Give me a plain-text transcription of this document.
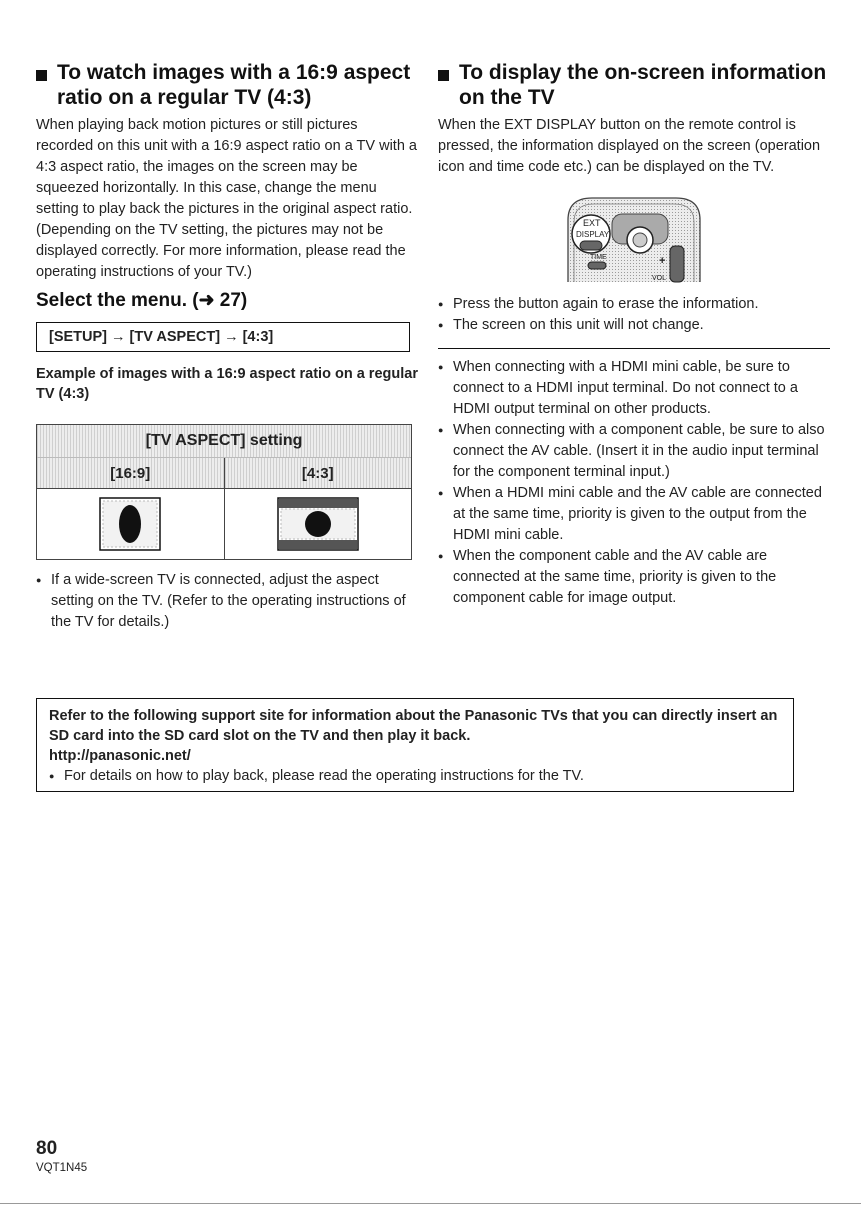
To watch images with a 16:9 aspect ratio on a regular TV (4:3)

When playing back motion pictures or still pictures recorded on this unit with a 16:9 aspect ratio on a TV with a 4:3 aspect ratio, the images on the screen may be squeezed horizontally. In this case, change the menu setting to play back the pictures in the original aspect ratio. (Depending on the TV setting, the pictures may not be displayed correctly. For more information, please read the operating instructions of your TV.)

Select the menu. (➜ 27)
[SETUP] → [TV ASPECT] → [4:3]
Example of images with a 16:9 aspect ratio on a regular TV (4:3)
[TV ASPECT] setting
[16:9]	[4:3]
● If a wide-screen TV is connected, adjust the aspect setting on the TV. (Refer to the operating instructions of the TV for details.)
To display the on-screen information on the TV

When the EXT DISPLAY button on the remote control is pressed, the information displayed on the screen (operation icon and time code etc.) can be displayed on the TV.

EXT
DISPLAY
TIME	+
VOL
● Press the button again to erase the information.
● The screen on this unit will not change.
● When connecting with a HDMI mini cable, be sure to connect to a HDMI input terminal. Do not connect to a HDMI output terminal on other products.
● When connecting with a component cable, be sure to also connect the AV cable. (Insert it in the audio input terminal for the component terminal input.)
● When a HDMI mini cable and the AV cable are connected at the same time, priority is given to the output from the HDMI mini cable.
● When the component cable and the AV cable are connected at the same time, priority is given to the component cable for image output.
Refer to the following support site for information about the Panasonic TVs that you can directly insert an SD card into the SD card slot on the TV and then play it back.
http://panasonic.net/
● For details on how to play back, please read the operating instructions for the TV.
80
VQT1N45
